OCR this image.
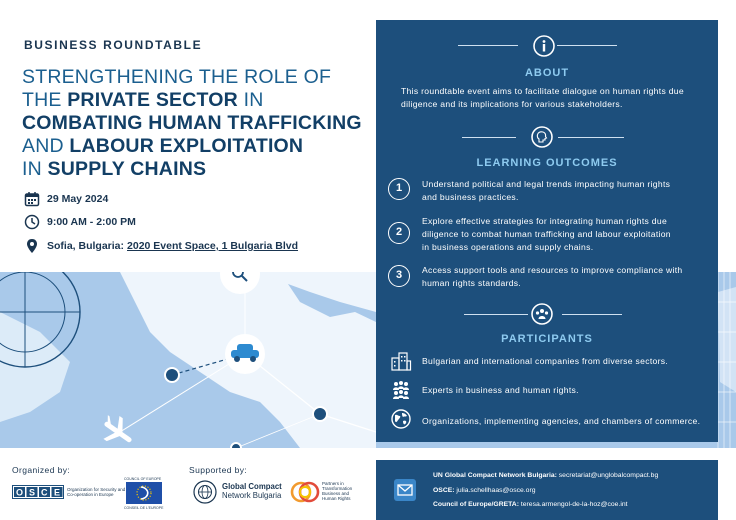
BUSINESS ROUNDTABLE
STRENGTHENING THE ROLE OF
THE PRIVATE SECTOR IN
COMBATING HUMAN TRAFFICKING
AND LABOUR EXPLOITATION
IN SUPPLY CHAINS
29 May 2024
9:00 AM - 2:00 PM
Sofia, Bulgaria: 2020 Event Space, 1 Bulgaria Blvd
ABOUT
This roundtable event aims to facilitate dialogue on human rights due
diligence and its implications for various stakeholders.
LEARNING OUTCOMES
1	Understand political and legal trends impacting human rights
and business practices.
2
Explore effective strategies for integrating human rights due
diligence to combat human trafficking and labour exploitation
in business operations and supply chains.
3	Access support tools and resources to improve compliance with
human rights standards.
PARTICIPANTS
Bulgarian and international companies from diverse sectors.
Experts in business and human rights.
Organizations, implementing agencies, and chambers of commerce.
Organized by:	Supported by:
O S C E Organization for Security and
Co-operation in Europe
COUNCIL OF EUROPE
CONSEIL DE L'EUROPE
Global Compact
Network Bulgaria
Partners in
Transformation
Business and
Human Rights
UN Global Compact Network Bulgaria: secretariat@unglobalcompact.bg
OSCE: julia.schellhaas@osce.org
Council of Europe/GRETA: teresa.armengol-de-la-hoz@coe.int
